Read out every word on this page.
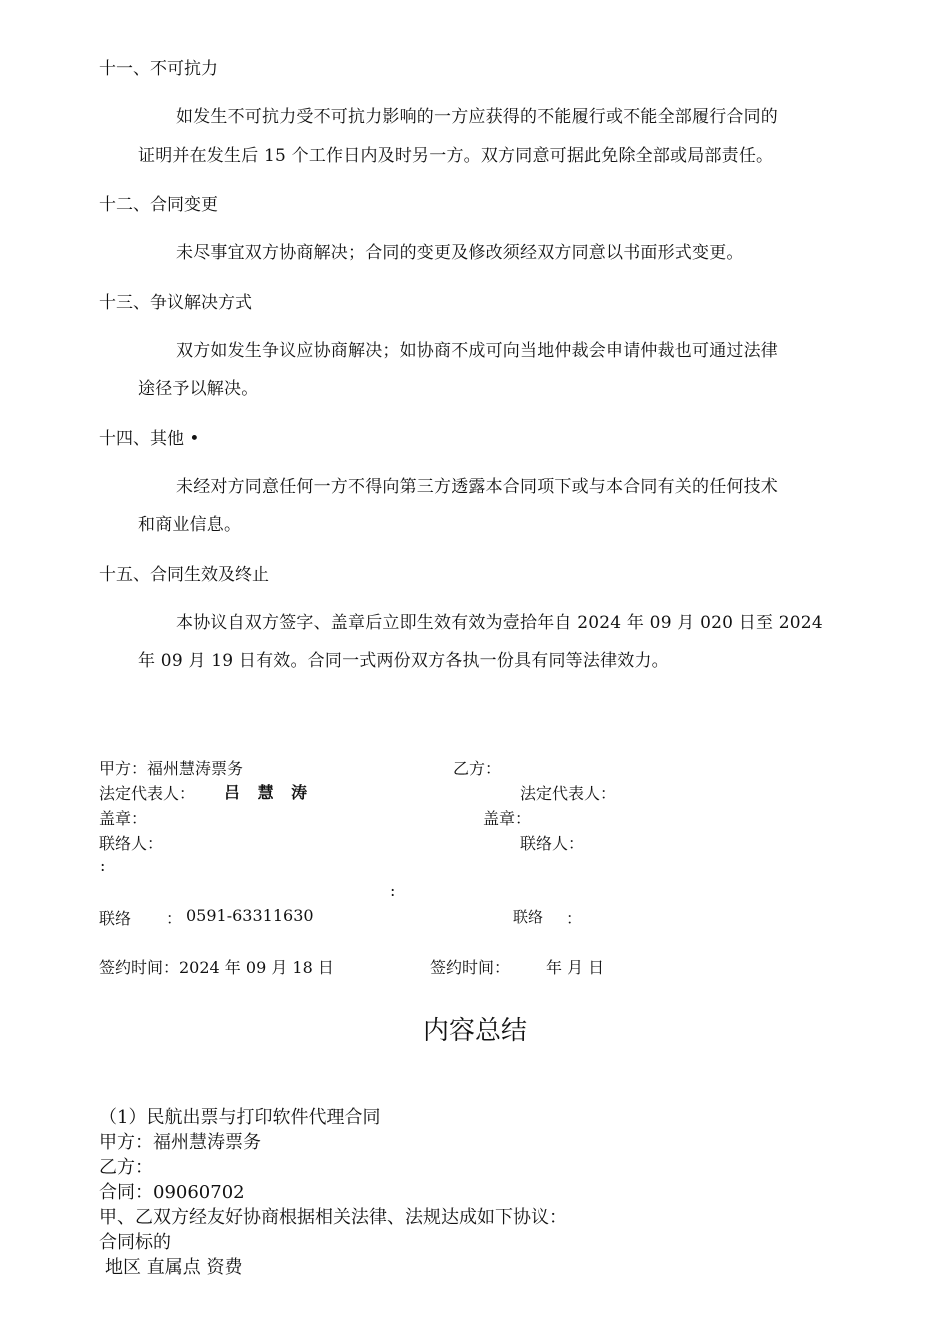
十一、不可抗力
如发生不可抗力受不可抗力影响的一方应获得的不能履行或不能全部履行合同的
证明并在发生后 15 个工作日内及时另一方。双方同意可据此免除全部或局部责任。
十二、合同变更
未尽事宜双方协商解决；合同的变更及修改须经双方同意以书面形式变更。
十三、争议解决方式
双方如发生争议应协商解决；如协商不成可向当地仲裁会申请仲裁也可通过法律
途径予以解决。
十四、其他 •
未经对方同意任何一方不得向第三方透露本合同项下或与本合同有关的任何技术
和商业信息。
十五、合同生效及终止
本协议自双方签字、盖章后立即生效有效为壹拾年自 2024 年 09 月 020 日至 2024
年 09 月 19 日有效。合同一式两份双方各执一份具有同等法律效力。
甲方：福州慧涛票务	乙方：
法定代表人： 吕 慧 涛	法定代表人：
盖章：	盖章：
联络人：	联络人：
:
:
联络 ： 0591-63311630	联络 ：
签约时间：2024 年 09 月 18 日	签约时间： 年 月 日
内容总结
（1）民航出票与打印软件代理合同
甲方：福州慧涛票务
乙方：
合同：09060702
甲、乙双方经友好协商根据相关法律、法规达成如下协议：
合同标的
地区 直属点 资费
